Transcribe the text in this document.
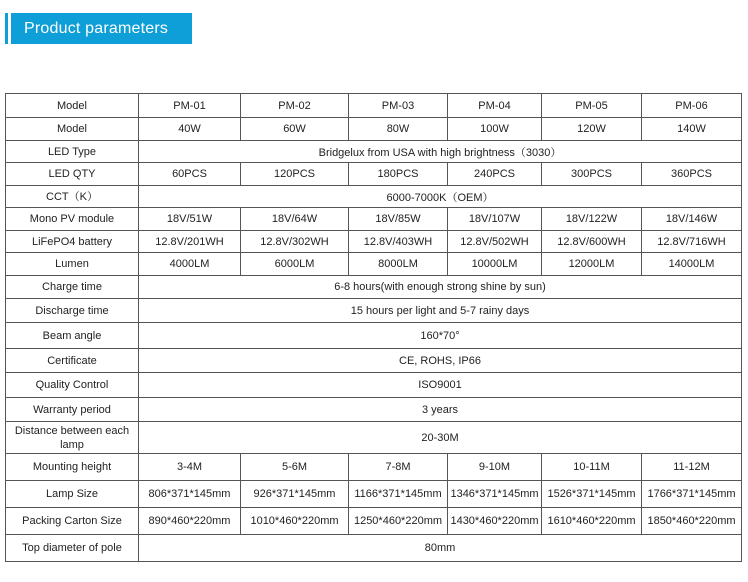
Product parameters
Model	PM-01	PM-02	PM-03	PM-04	PM-05	PM-06
Model	40W	60W	80W	100W	120W	140W
LED Type	Bridgelux from USA with high brightness（3030）					
LED QTY	60PCS	120PCS	180PCS	240PCS	300PCS	360PCS
CCT（K）	6000-7000K（OEM）					
Mono PV module	18V/51W	18V/64W	18V/85W	18V/107W	18V/122W	18V/146W
LiFePO4 battery	12.8V/201WH	12.8V/302WH	12.8V/403WH	12.8V/502WH	12.8V/600WH	12.8V/716WH
Lumen	4000LM	6000LM	8000LM	10000LM	12000LM	14000LM
Charge time	6-8 hours(with enough strong shine by sun)					
Discharge time	15 hours per light and 5-7 rainy days					
Beam angle	160*70°					
Certificate	CE, ROHS, IP66					
Quality Control	ISO9001					
Warranty period	3 years					
Distance between each lamp	20-30M					
Mounting height	3-4M	5-6M	7-8M	9-10M	10-11M	11-12M
Lamp Size	806*371*145mm	926*371*145mm	1166*371*145mm	1346*371*145mm	1526*371*145mm	1766*371*145mm
Packing Carton Size	890*460*220mm	1010*460*220mm	1250*460*220mm	1430*460*220mm	1610*460*220mm	1850*460*220mm
Top diameter of pole	80mm					
